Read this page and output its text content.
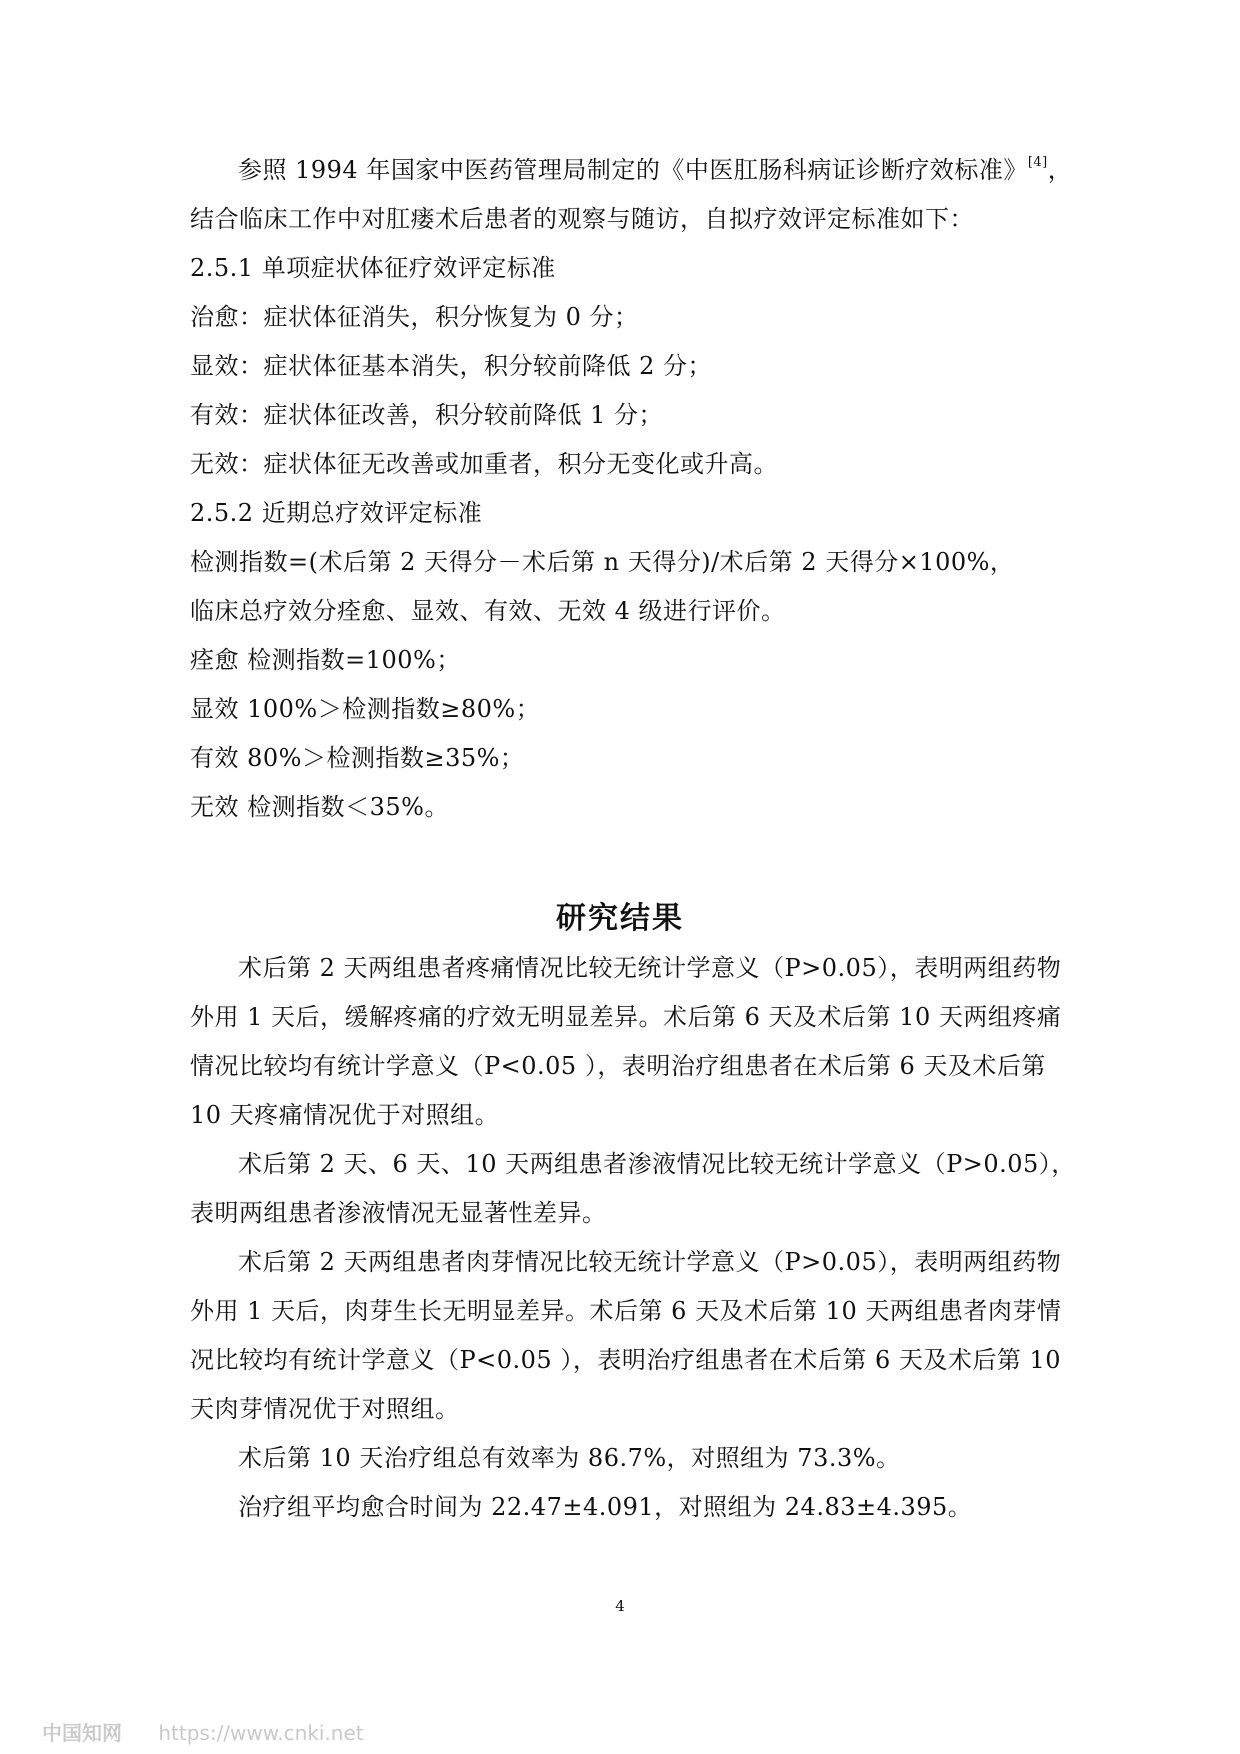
参照 1994 年国家中医药管理局制定的《中医肛肠科病证诊断疗效标准》[4]，
结合临床工作中对肛瘘术后患者的观察与随访，自拟疗效评定标准如下：
2.5.1 单项症状体征疗效评定标准
治愈：症状体征消失，积分恢复为 0 分；
显效：症状体征基本消失，积分较前降低 2 分；
有效：症状体征改善，积分较前降低 1 分；
无效：症状体征无改善或加重者，积分无变化或升高。
2.5.2 近期总疗效评定标准
检测指数=(术后第 2 天得分－术后第 n 天得分)/术后第 2 天得分×100%，
临床总疗效分痊愈、显效、有效、无效 4 级进行评价。
痊愈 检测指数=100%；
显效 100%＞检测指数≥80%；
有效 80%＞检测指数≥35%；
无效 检测指数＜35%。
研究结果
术后第 2 天两组患者疼痛情况比较无统计学意义（P>0.05），表明两组药物
外用 1 天后，缓解疼痛的疗效无明显差异。术后第 6 天及术后第 10 天两组疼痛
情况比较均有统计学意义（P<0.05 ），表明治疗组患者在术后第 6 天及术后第
10 天疼痛情况优于对照组。
术后第 2 天、6 天、10 天两组患者渗液情况比较无统计学意义（P>0.05），
表明两组患者渗液情况无显著性差异。
术后第 2 天两组患者肉芽情况比较无统计学意义（P>0.05），表明两组药物
外用 1 天后，肉芽生长无明显差异。术后第 6 天及术后第 10 天两组患者肉芽情
况比较均有统计学意义（P<0.05 ），表明治疗组患者在术后第 6 天及术后第 10
天肉芽情况优于对照组。
术后第 10 天治疗组总有效率为 86.7%，对照组为 73.3%。
治疗组平均愈合时间为 22.47±4.091，对照组为 24.83±4.395。
4
中国知网 https://www.cnki.net
